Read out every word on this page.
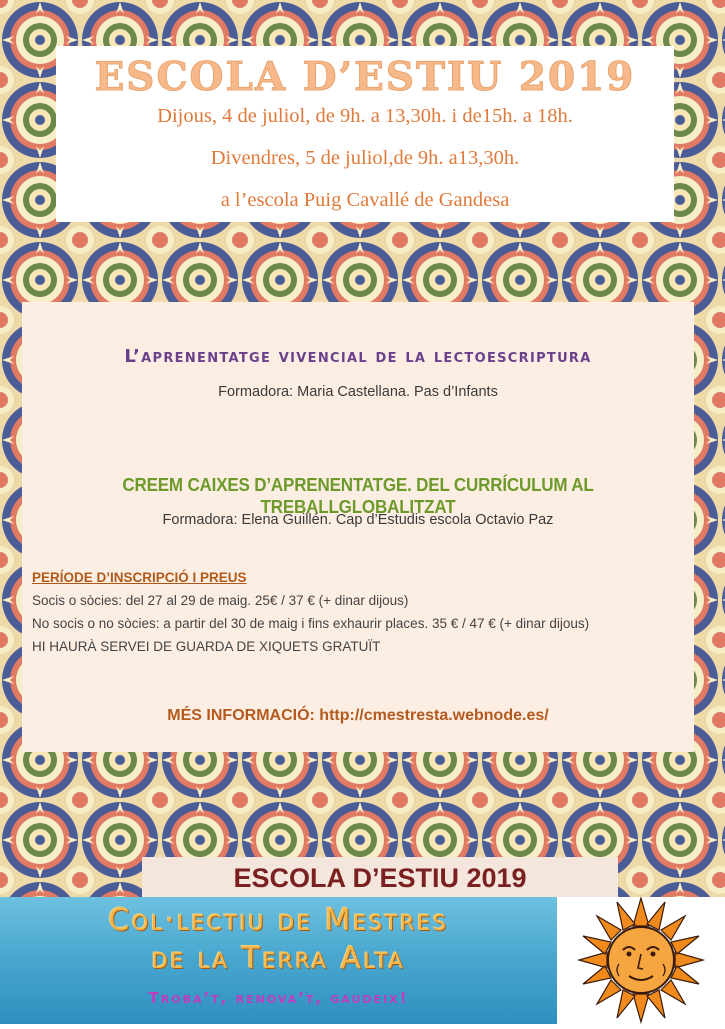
ESCOLA D’ESTIU 2019

Dijous, 4 de juliol, de 9h. a 13,30h. i de15h. a 18h.

Divendres, 5 de juliol,de 9h. a13,30h.

a l’escola Puig Cavallé de Gandesa

L’aprenentatge vivencial de la lectoescriptura
Formadora: Maria Castellana. Pas d’Infants
CREEM CAIXES D’APRENENTATGE. DEL CURRÍCULUM AL TREBALLGLOBALITZAT
Formadora: Elena Guillén. Cap d’Estudis escola Octavio Paz

PERÍODE D’INSCRIPCIÓ I PREUS

Socis o sòcies: del 27 al 29 de maig. 25€ / 37 € (+ dinar dijous)

No socis o no sòcies: a partir del 30 de maig i fins exhaurir places. 35 € / 47 € (+ dinar dijous)

HI HAURÀ SERVEI DE GUARDA DE XIQUETS GRATUÏT

MÉS INFORMACIÓ: http://cmestresta.webnode.es/
ESCOLA D’ESTIU 2019
Col·lectiu de Mestres
de la Terra Alta
Troba’t, renova’t, gaudeix!
